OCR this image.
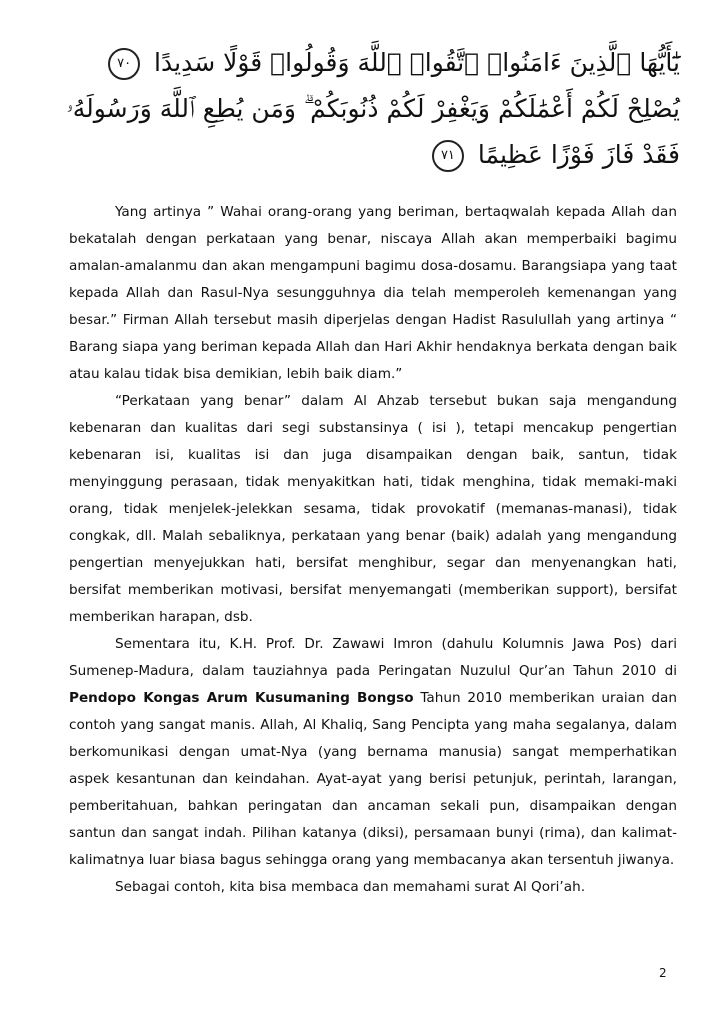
يَٰٓأَيُّهَا ٱلَّذِينَ ءَامَنُوا۟ ٱتَّقُوا۟ ٱللَّهَ وَقُولُوا۟ قَوْلًا سَدِيدًا ٧٠
يُصْلِحْ لَكُمْ أَعْمَٰلَكُمْ وَيَغْفِرْ لَكُمْ ذُنُوبَكُمْ ۗ وَمَن يُطِعِ ٱللَّهَ وَرَسُولَهُۥ
فَقَدْ فَازَ فَوْزًا عَظِيمًا ٧١

Yang artinya ” Wahai orang-orang yang beriman, bertaqwalah kepada Allah dan bekatalah dengan perkataan yang benar, niscaya Allah akan memperbaiki bagimu amalan-amalanmu dan akan mengampuni bagimu dosa-dosamu. Barangsiapa yang taat kepada Allah dan Rasul-Nya sesungguhnya dia telah memperoleh kemenangan yang besar.” Firman Allah tersebut masih diperjelas dengan Hadist Rasulullah yang artinya “ Barang siapa yang beriman kepada Allah dan Hari Akhir hendaknya berkata dengan baik atau kalau tidak bisa demikian, lebih baik diam.”

“Perkataan yang benar” dalam Al Ahzab tersebut bukan saja mengandung kebenaran dan kualitas dari segi substansinya ( isi ), tetapi mencakup pengertian kebenaran isi, kualitas isi dan juga disampaikan dengan baik, santun, tidak menyinggung perasaan, tidak menyakitkan hati, tidak menghina, tidak memaki-maki orang, tidak menjelek-jelekkan sesama, tidak provokatif (memanas-manasi), tidak congkak, dll. Malah sebaliknya, perkataan yang benar (baik) adalah yang mengandung pengertian menyejukkan hati, bersifat menghibur, segar dan menyenangkan hati, bersifat memberikan motivasi, bersifat menyemangati (memberikan support), bersifat memberikan harapan, dsb.

Sementara itu, K.H. Prof. Dr. Zawawi Imron (dahulu Kolumnis Jawa Pos) dari Sumenep-Madura, dalam tauziahnya pada Peringatan Nuzulul Qur’an Tahun 2010 di Pendopo Kongas Arum Kusumaning Bongso Tahun 2010 memberikan uraian dan contoh yang sangat manis. Allah, Al Khaliq, Sang Pencipta yang maha segalanya, dalam berkomunikasi dengan umat-Nya (yang bernama manusia) sangat memperhatikan aspek kesantunan dan keindahan. Ayat-ayat yang berisi petunjuk, perintah, larangan, pemberitahuan, bahkan peringatan dan ancaman sekali pun, disampaikan dengan santun dan sangat indah. Pilihan katanya (diksi), persamaan bunyi (rima), dan kalimat-kalimatnya luar biasa bagus sehingga orang yang membacanya akan tersentuh jiwanya.

Sebagai contoh, kita bisa membaca dan memahami surat Al Qori’ah.

2
